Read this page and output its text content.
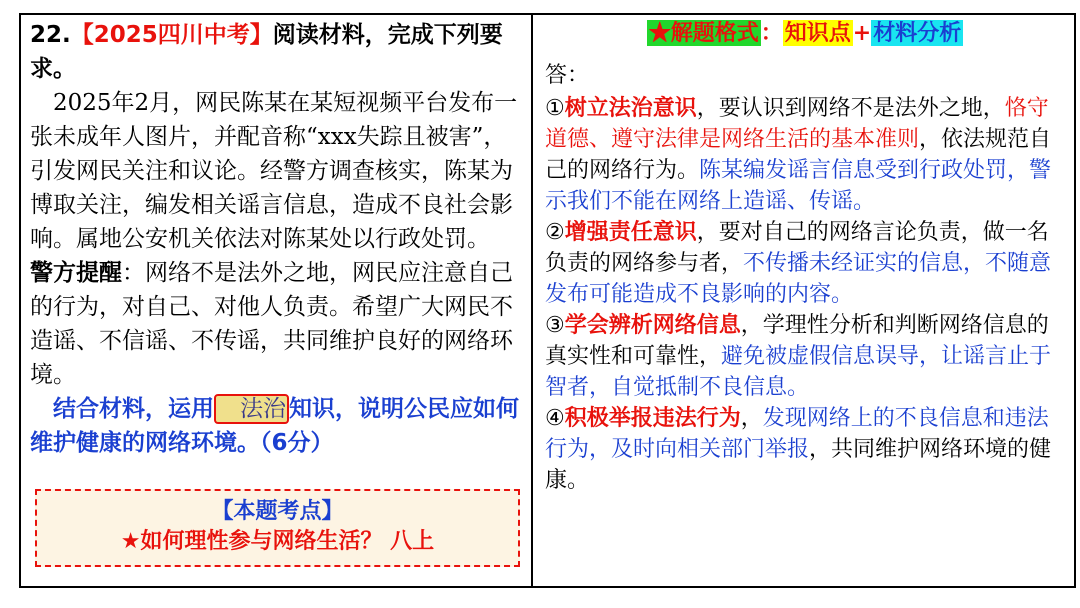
22.【2025四川中考】阅读材料，完成下列要求。
2025年2月，网民陈某在某短视频平台发布一张未成年人图片，并配音称“xxx失踪且被害”，引发网民关注和议论。经警方调查核实，陈某为博取关注，编发相关谣言信息，造成不良社会影响。属地公安机关依法对陈某处以行政处罚。
警方提醒：网络不是法外之地，网民应注意自己的行为，对自己、对他人负责。希望广大网民不造谣、不信谣、不传谣，共同维护良好的网络环境。
结合材料，运用 法治 知识，说明公民应如何维护健康的网络环境。（6分）
【本题考点】
★如何理性参与网络生活？ 八上
★解题格式：知识点+材料分析
答：
①树立法治意识，要认识到网络不是法外之地，恪守道德、遵守法律是网络生活的基本准则，依法规范自己的网络行为。陈某编发谣言信息受到行政处罚，警示我们不能在网络上造谣、传谣。
②增强责任意识，要对自己的网络言论负责，做一名负责的网络参与者，不传播未经证实的信息，不随意发布可能造成不良影响的内容。
③学会辨析网络信息，学理性分析和判断网络信息的真实性和可靠性，避免被虚假信息误导，让谣言止于智者，自觉抵制不良信息。
④积极举报违法行为，发现网络上的不良信息和违法行为，及时向相关部门举报，共同维护网络环境的健康。
